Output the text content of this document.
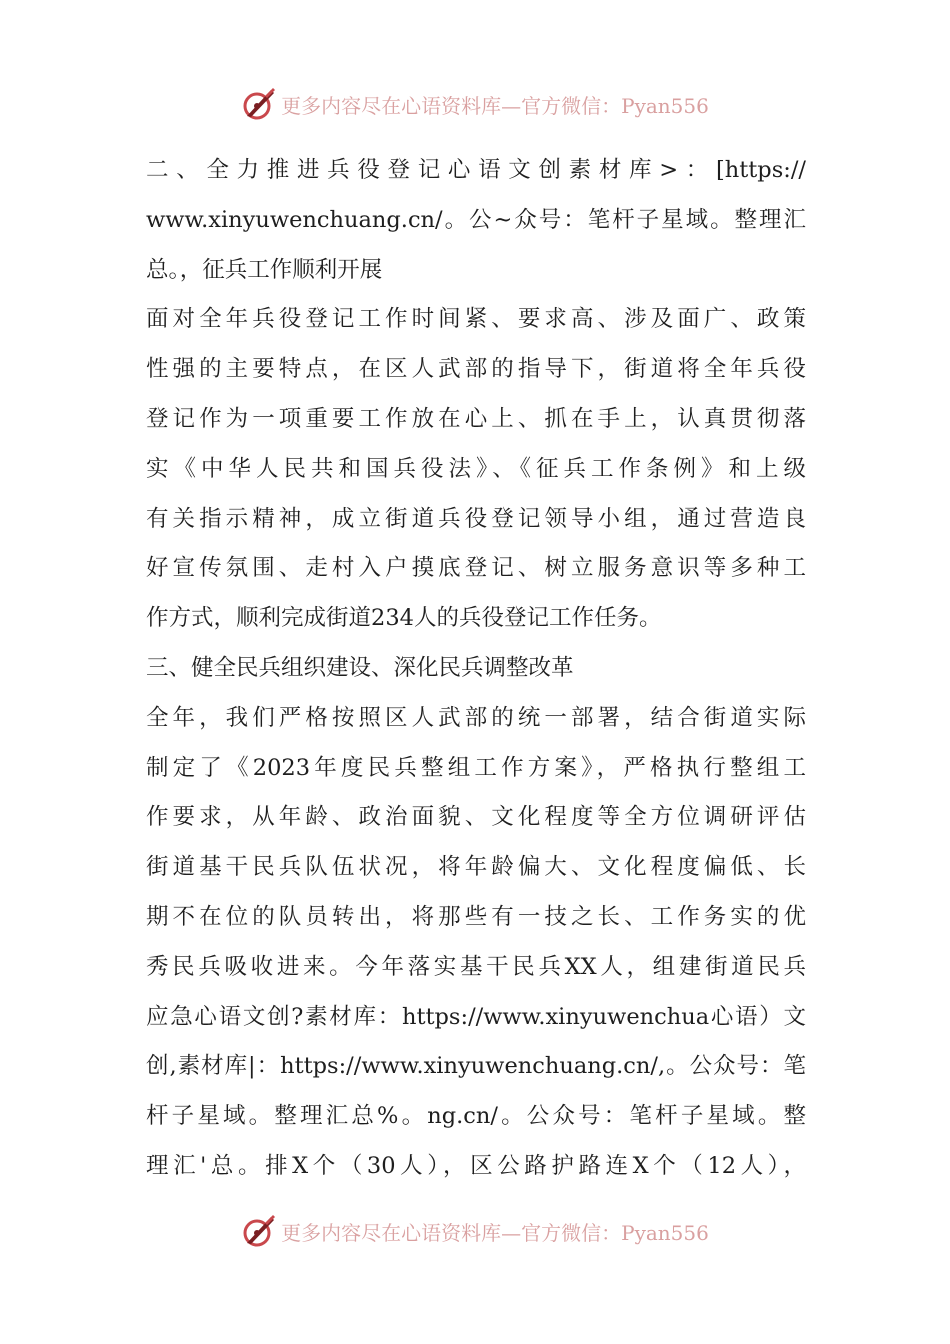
更多内容尽在心语资料库—官方微信：Pyan556
二、全力推进兵役登记心语文创素材库>：[https://
www.xinyuwenchuang.cn/。公~众号：笔杆子星域。整理汇
总。，征兵工作顺利开展
面对全年兵役登记工作时间紧、要求高、涉及面广、政策
性强的主要特点，在区人武部的指导下，街道将全年兵役
登记作为一项重要工作放在心上、抓在手上，认真贯彻落
实《中华人民共和国兵役法》、《征兵工作条例》和上级
有关指示精神，成立街道兵役登记领导小组，通过营造良
好宣传氛围、走村入户摸底登记、树立服务意识等多种工
作方式，顺利完成街道234人的兵役登记工作任务。
三、健全民兵组织建设、深化民兵调整改革
全年，我们严格按照区人武部的统一部署，结合街道实际
制定了《2023年度民兵整组工作方案》，严格执行整组工
作要求，从年龄、政治面貌、文化程度等全方位调研评估
街道基干民兵队伍状况，将年龄偏大、文化程度偏低、长
期不在位的队员转出，将那些有一技之长、工作务实的优
秀民兵吸收进来。今年落实基干民兵XX人，组建街道民兵
应急心语文创?素材库：https://www.xinyuwenchua心语）文
创,素材库|：https://www.xinyuwenchuang.cn/,。公众号：笔
杆子星域。整理汇总%。ng.cn/。公众号：笔杆子星域。整
理汇'总。排X个（30人），区公路护路连X个（12人），
更多内容尽在心语资料库—官方微信：Pyan556
